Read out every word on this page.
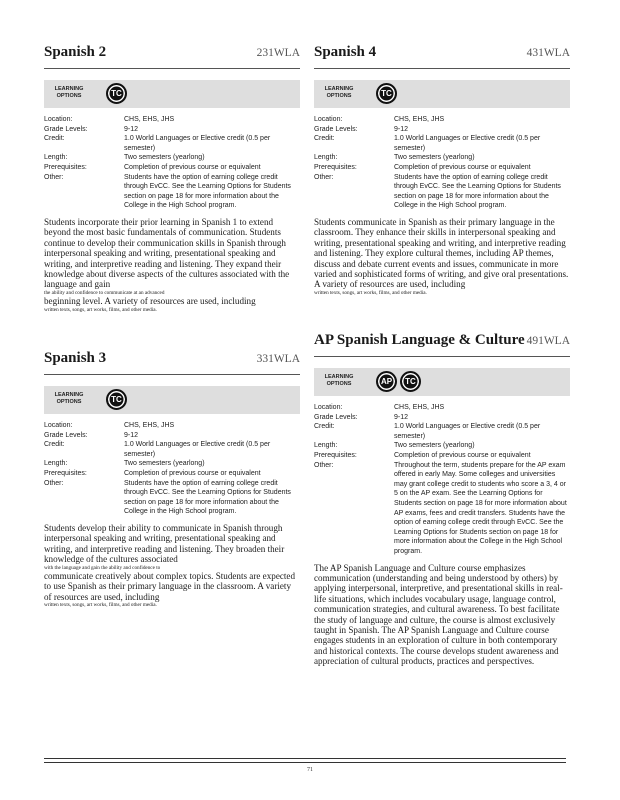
Spanish 2	231WLA
LEARNING OPTIONS	TC
Location:	CHS, EHS, JHS
Grade Levels:	9-12
Credit:	1.0 World Languages or Elective credit (0.5 per semester)
Length:	Two semesters (yearlong)
Prerequisites:	Completion of previous course or equivalent
Other:	Students have the option of earning college credit through EvCC. See the Learning Options for Students section on page 18 for more information about the College in the High School program.
Students incorporate their prior learning in Spanish 1 to extend beyond the most basic fundamentals of communication. Students continue to develop their communication skills in Spanish through interpersonal speaking and writing, presentational speaking and writing, and interpretive reading and listening. They expand their knowledge about diverse aspects of the cultures associated with the language and gain
the ability and confidence to communicate at an advanced
beginning level. A variety of resources are used, including
written texts, songs, art works, films, and other media.
Spanish 3	331WLA
LEARNING OPTIONS	TC
Location:	CHS, EHS, JHS
Grade Levels:	9-12
Credit:	1.0 World Languages or Elective credit (0.5 per semester)
Length:	Two semesters (yearlong)
Prerequisites:	Completion of previous course or equivalent
Other:	Students have the option of earning college credit through EvCC. See the Learning Options for Students section on page 18 for more information about the College in the High School program.
Students develop their ability to communicate in Spanish through interpersonal speaking and writing, presentational speaking and writing, and interpretive reading and listening. They broaden their knowledge of the cultures associated
with the language and gain the ability and confidence to
communicate creatively about complex topics. Students are expected to use Spanish as their primary language in the classroom. A variety of resources are used, including
written texts, songs, art works, films, and other media.
Spanish 4	431WLA
LEARNING OPTIONS	TC
Location:	CHS, EHS, JHS
Grade Levels:	9-12
Credit:	1.0 World Languages or Elective credit (0.5 per semester)
Length:	Two semesters (yearlong)
Prerequisites:	Completion of previous course or equivalent
Other:	Students have the option of earning college credit through EvCC. See the Learning Options for Students section on page 18 for more information about the College in the High School program.
Students communicate in Spanish as their primary language in the classroom. They enhance their skills in interpersonal speaking and writing, presentational speaking and writing, and interpretive reading and listening. They explore cultural themes, including AP themes, discuss and debate current events and issues, communicate in more varied and sophisticated forms of writing, and give oral presentations. A variety of resources are used, including
written texts, songs, art works, films, and other media.
AP Spanish Language & Culture 491WLA
LEARNING OPTIONS	AP	TC
Location:	CHS, EHS, JHS
Grade Levels:	9-12
Credit:	1.0 World Languages or Elective credit (0.5 per semester)
Length:	Two semesters (yearlong)
Prerequisites:	Completion of previous course or equivalent
Other:	Throughout the term, students prepare for the AP exam offered in early May. Some colleges and universities may grant college credit to students who score a 3, 4 or 5 on the AP exam. See the Learning Options for Students section on page 18 for more information about AP exams, fees and credit transfers. Students have the option of earning college credit through EvCC. See the Learning Options for Students section on page 18 for more information about the College in the High School program.
The AP Spanish Language and Culture course emphasizes communication (understanding and being understood by others) by applying interpersonal, interpretive, and presentational skills in real-life situations, which includes vocabulary usage, language control, communication strategies, and cultural awareness. To best facilitate the study of language and culture, the course is almost exclusively taught in Spanish. The AP Spanish Language and Culture course engages students in an exploration of culture in both contemporary and historical contexts. The course develops student awareness and appreciation of cultural products, practices and perspectives.
71
